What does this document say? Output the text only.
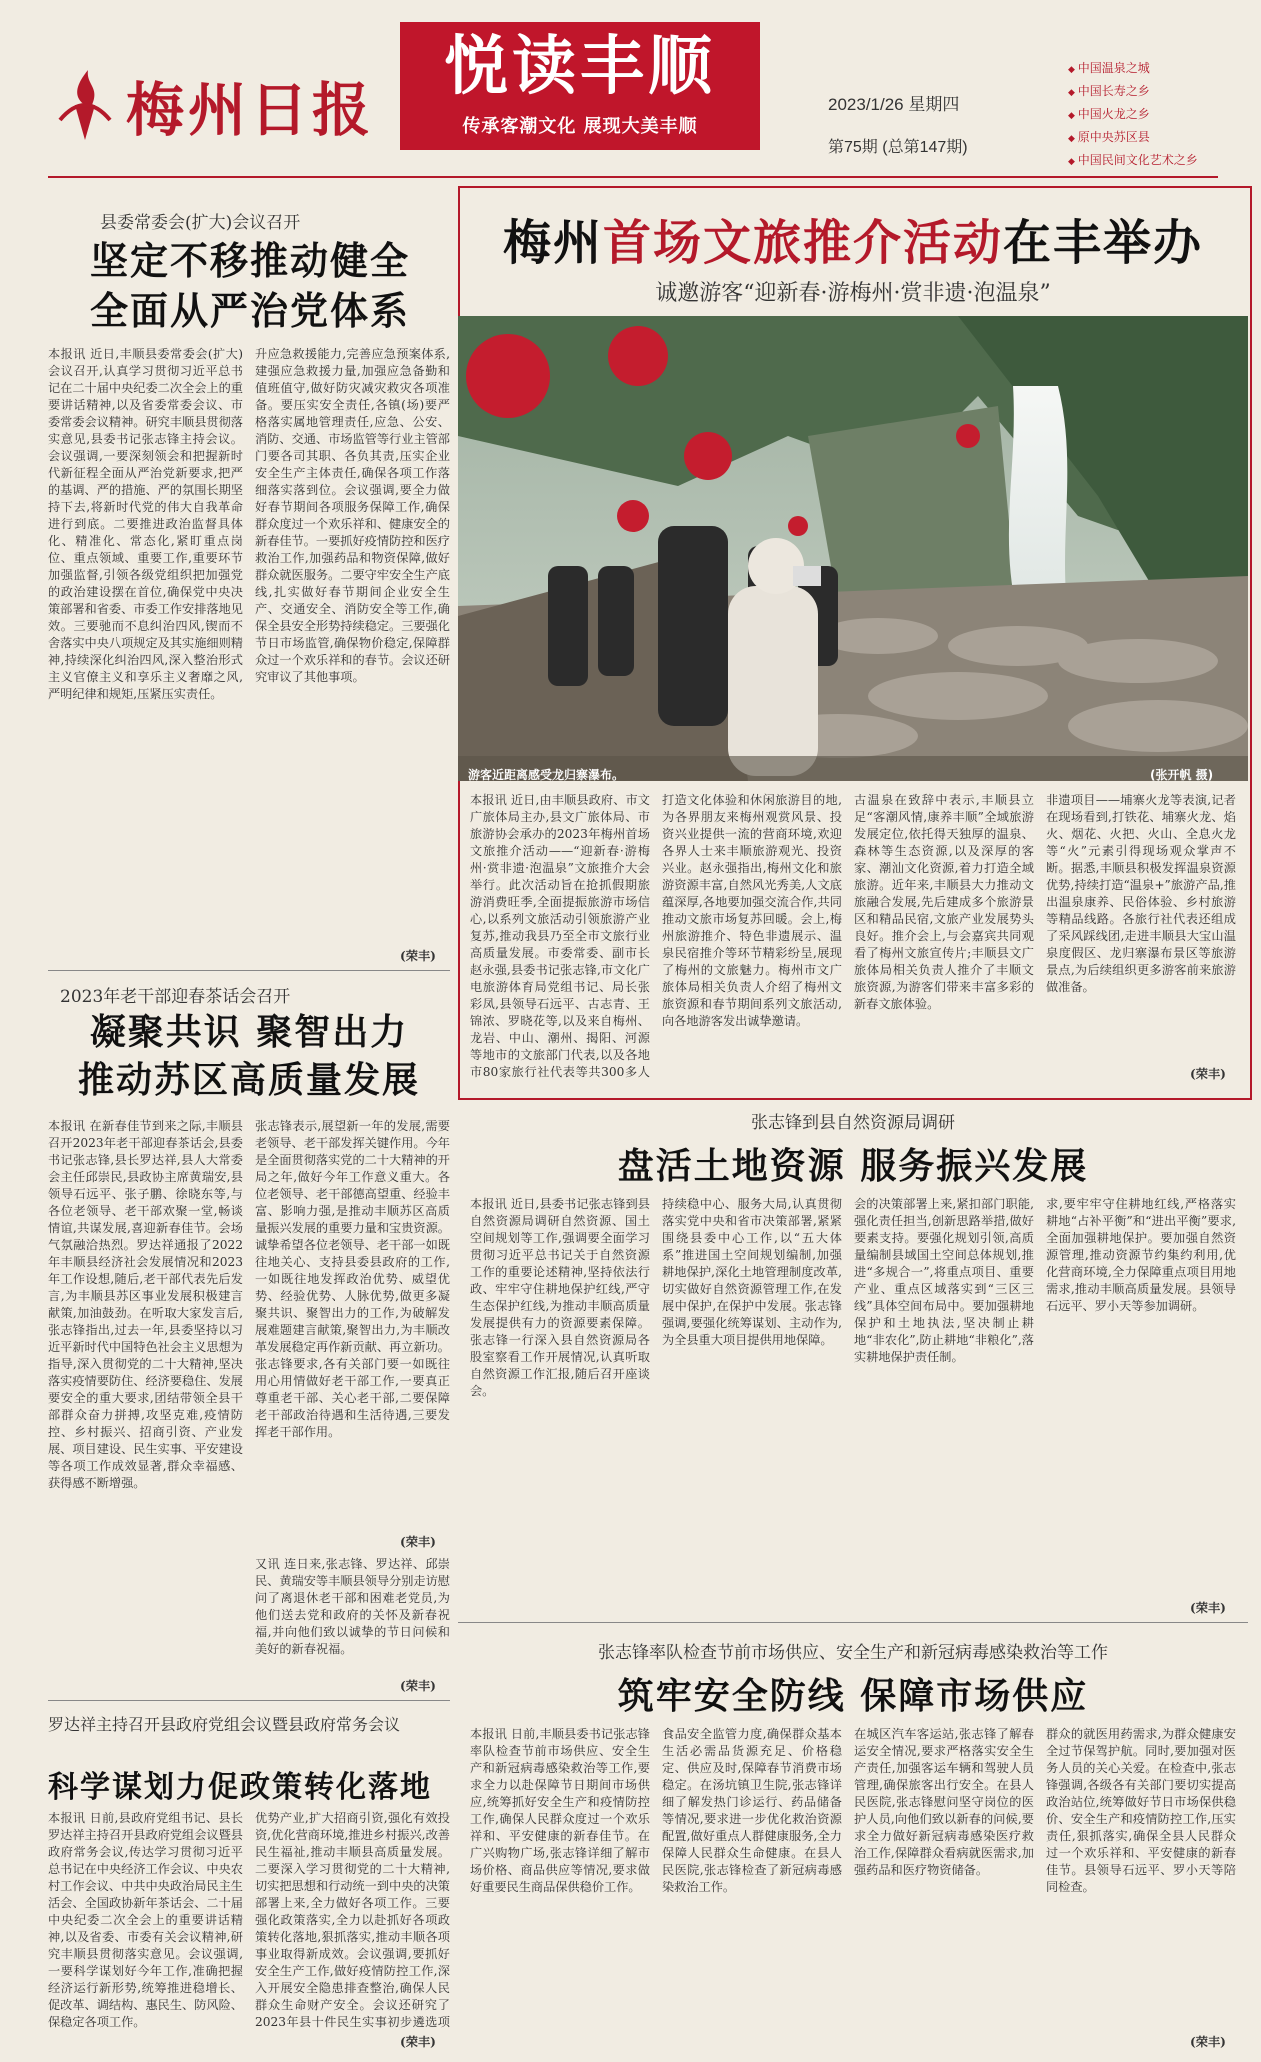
梅州日报
悦读丰顺
传承客潮文化 展现大美丰顺
2023/1/26 星期四
第75期 (总第147期)
◆ 中国温泉之城
◆ 中国长寿之乡
◆ 中国火龙之乡
◆ 原中央苏区县
◆ 中国民间文化艺术之乡
县委常委会(扩大)会议召开
坚定不移推动健全
全面从严治党体系
本报讯 近日,丰顺县委常委会(扩大)会议召开,认真学习贯彻习近平总书记在二十届中央纪委二次全会上的重要讲话精神,以及省委常委会议、市委常委会议精神。研究丰顺县贯彻落实意见,县委书记张志锋主持会议。会议强调,一要深刻领会和把握新时代新征程全面从严治党新要求,把严的基调、严的措施、严的氛围长期坚持下去,将新时代党的伟大自我革命进行到底。二要推进政治监督具体化、精准化、常态化,紧盯重点岗位、重点领域、重要工作,重要环节加强监督,引领各级党组织把加强党的政治建设摆在首位,确保党中央决策部署和省委、市委工作安排落地见效。三要驰而不息纠治四风,锲而不舍落实中央八项规定及其实施细则精神,持续深化纠治四风,深入整治形式主义官僚主义和享乐主义奢靡之风,严明纪律和规矩,压紧压实责任。
升应急救援能力,完善应急预案体系,建强应急救援力量,加强应急备勤和值班值守,做好防灾减灾救灾各项准备。要压实安全责任,各镇(场)要严格落实属地管理责任,应急、公安、消防、交通、市场监管等行业主管部门要各司其职、各负其责,压实企业安全生产主体责任,确保各项工作落细落实落到位。会议强调,要全力做好春节期间各项服务保障工作,确保群众度过一个欢乐祥和、健康安全的新春佳节。一要抓好疫情防控和医疗救治工作,加强药品和物资保障,做好群众就医服务。二要守牢安全生产底线,扎实做好春节期间企业安全生产、交通安全、消防安全等工作,确保全县安全形势持续稳定。三要强化节日市场监管,确保物价稳定,保障群众过一个欢乐祥和的春节。会议还研究审议了其他事项。
(荣丰)
2023年老干部迎春茶话会召开
凝聚共识 聚智出力
推动苏区高质量发展
本报讯 在新春佳节到来之际,丰顺县召开2023年老干部迎春茶话会,县委书记张志锋,县长罗达祥,县人大常委会主任邱崇民,县政协主席黄瑞安,县领导石远平、张子鹏、徐晓东等,与各位老领导、老干部欢聚一堂,畅谈情谊,共谋发展,喜迎新春佳节。会场气氛融洽热烈。罗达祥通报了2022年丰顺县经济社会发展情况和2023年工作设想,随后,老干部代表先后发言,为丰顺县苏区事业发展积极建言献策,加油鼓劲。在听取大家发言后,张志锋指出,过去一年,县委坚持以习近平新时代中国特色社会主义思想为指导,深入贯彻党的二十大精神,坚决落实疫情要防住、经济要稳住、发展要安全的重大要求,团结带领全县干部群众奋力拼搏,攻坚克难,疫情防控、乡村振兴、招商引资、产业发展、项目建设、民生实事、平安建设等各项工作成效显著,群众幸福感、获得感不断增强。
张志锋表示,展望新一年的发展,需要老领导、老干部发挥关键作用。今年是全面贯彻落实党的二十大精神的开局之年,做好今年工作意义重大。各位老领导、老干部德高望重、经验丰富、影响力强,是推动丰顺苏区高质量振兴发展的重要力量和宝贵资源。诚挚希望各位老领导、老干部一如既往地关心、支持县委县政府的工作,一如既往地发挥政治优势、威望优势、经验优势、人脉优势,做更多凝聚共识、聚智出力的工作,为破解发展难题建言献策,聚智出力,为丰顺改革发展稳定再作新贡献、再立新功。张志锋要求,各有关部门要一如既往用心用情做好老干部工作,一要真正尊重老干部、关心老干部,二要保障老干部政治待遇和生活待遇,三要发挥老干部作用。
(荣丰)
又讯 连日来,张志锋、罗达祥、邱崇民、黄瑞安等丰顺县领导分别走访慰问了离退休老干部和困难老党员,为他们送去党和政府的关怀及新春祝福,并向他们致以诚挚的节日问候和美好的新春祝福。
(荣丰)
罗达祥主持召开县政府党组会议暨县政府常务会议
科学谋划力促政策转化落地
本报讯 日前,县政府党组书记、县长罗达祥主持召开县政府党组会议暨县政府常务会议,传达学习贯彻习近平总书记在中央经济工作会议、中央农村工作会议、中共中央政治局民主生活会、全国政协新年茶话会、二十届中央纪委二次全会上的重要讲话精神,以及省委、市委有关会议精神,研究丰顺县贯彻落实意见。会议强调,一要科学谋划好今年工作,准确把握经济运行新形势,统筹推进稳增长、促改革、调结构、惠民生、防风险、保稳定各项工作。
优势产业,扩大招商引资,强化有效投资,优化营商环境,推进乡村振兴,改善民生福祉,推动丰顺县高质量发展。二要深入学习贯彻党的二十大精神,切实把思想和行动统一到中央的决策部署上来,全力做好各项工作。三要强化政策落实,全力以赴抓好各项政策转化落地,狠抓落实,推动丰顺各项事业取得新成效。会议强调,要抓好安全生产工作,做好疫情防控工作,深入开展安全隐患排查整治,确保人民群众生命财产安全。会议还研究了2023年县十件民生实事初步遴选项
(荣丰)
梅州首场文旅推介活动在丰举办
诚邀游客“迎新春·游梅州·赏非遗·泡温泉”
游客近距离感受龙归寨瀑布。	(张开帆 摄)
本报讯 近日,由丰顺县政府、市文广旅体局主办,县文广旅体局、市旅游协会承办的2023年梅州首场文旅推介活动——“迎新春·游梅州·赏非遗·泡温泉”文旅推介大会举行。此次活动旨在抢抓假期旅游消费旺季,全面提振旅游市场信心,以系列文旅活动引领旅游产业复苏,推动我县乃至全市文旅行业高质量发展。市委常委、副市长赵永强,县委书记张志锋,市文化广电旅游体育局党组书记、局长张彩凤,县领导石远平、古志青、王锦浓、罗晓花等,以及来自梅州、龙岩、中山、潮州、揭阳、河源等地市的文旅部门代表,以及各地市80家旅行社代表等共300多人
打造文化体验和休闲旅游目的地,为各界朋友来梅州观赏风景、投资兴业提供一流的营商环境,欢迎各界人士来丰顺旅游观光、投资兴业。赵永强指出,梅州文化和旅游资源丰富,自然风光秀美,人文底蕴深厚,各地要加强交流合作,共同推动文旅市场复苏回暖。会上,梅州旅游推介、特色非遗展示、温泉民宿推介等环节精彩纷呈,展现了梅州的文旅魅力。梅州市文广旅体局相关负责人介绍了梅州文旅资源和春节期间系列文旅活动,向各地游客发出诚挚邀请。
古温泉在致辞中表示,丰顺县立足“客潮风情,康养丰顺”全域旅游发展定位,依托得天独厚的温泉、森林等生态资源,以及深厚的客家、潮汕文化资源,着力打造全域旅游。近年来,丰顺县大力推动文旅融合发展,先后建成多个旅游景区和精品民宿,文旅产业发展势头良好。推介会上,与会嘉宾共同观看了梅州文旅宣传片;丰顺县文广旅体局相关负责人推介了丰顺文旅资源,为游客们带来丰富多彩的新春文旅体验。
非遗项目——埔寨火龙等表演,记者在现场看到,打铁花、埔寨火龙、焰火、烟花、火把、火山、全息火龙等“火”元素引得现场观众掌声不断。据悉,丰顺县积极发挥温泉资源优势,持续打造“温泉+”旅游产品,推出温泉康养、民俗体验、乡村旅游等精品线路。各旅行社代表还组成了采风踩线团,走进丰顺县大宝山温泉度假区、龙归寨瀑布景区等旅游景点,为后续组织更多游客前来旅游做准备。
(荣丰)
张志锋到县自然资源局调研
盘活土地资源 服务振兴发展
本报讯 近日,县委书记张志锋到县自然资源局调研自然资源、国土空间规划等工作,强调要全面学习贯彻习近平总书记关于自然资源工作的重要论述精神,坚持依法行政、牢牢守住耕地保护红线,严守生态保护红线,为推动丰顺高质量发展提供有力的资源要素保障。张志锋一行深入县自然资源局各股室察看工作开展情况,认真听取自然资源工作汇报,随后召开座谈会。
持续稳中心、服务大局,认真贯彻落实党中央和省市决策部署,紧紧围绕县委中心工作,以“五大体系”推进国土空间规划编制,加强耕地保护,深化土地管理制度改革,切实做好自然资源管理工作,在发展中保护,在保护中发展。张志锋强调,要强化统筹谋划、主动作为,为全县重大项目提供用地保障。
会的决策部署上来,紧扣部门职能,强化责任担当,创新思路举措,做好要素支持。要强化规划引领,高质量编制县域国土空间总体规划,推进“多规合一”,将重点项目、重要产业、重点区域落实到“三区三线”具体空间布局中。要加强耕地保护和土地执法,坚决制止耕地“非农化”,防止耕地“非粮化”,落实耕地保护责任制。
求,要牢牢守住耕地红线,严格落实耕地“占补平衡”和“进出平衡”要求,全面加强耕地保护。要加强自然资源管理,推动资源节约集约利用,优化营商环境,全力保障重点项目用地需求,推动丰顺高质量发展。县领导石远平、罗小天等参加调研。
(荣丰)
张志锋率队检查节前市场供应、安全生产和新冠病毒感染救治等工作
筑牢安全防线 保障市场供应
本报讯 日前,丰顺县委书记张志锋率队检查节前市场供应、安全生产和新冠病毒感染救治等工作,要求全力以赴保障节日期间市场供应,统筹抓好安全生产和疫情防控工作,确保人民群众度过一个欢乐祥和、平安健康的新春佳节。在广兴购物广场,张志锋详细了解市场价格、商品供应等情况,要求做好重要民生商品保供稳价工作。
食品安全监管力度,确保群众基本生活必需品货源充足、价格稳定、供应及时,保障春节消费市场稳定。在汤坑镇卫生院,张志锋详细了解发热门诊运行、药品储备等情况,要求进一步优化救治资源配置,做好重点人群健康服务,全力保障人民群众生命健康。在县人民医院,张志锋检查了新冠病毒感染救治工作。
在城区汽车客运站,张志锋了解春运安全情况,要求严格落实安全生产责任,加强客运车辆和驾驶人员管理,确保旅客出行安全。在县人民医院,张志锋慰问坚守岗位的医护人员,向他们致以新春的问候,要求全力做好新冠病毒感染医疗救治工作,保障群众看病就医需求,加强药品和医疗物资储备。
群众的就医用药需求,为群众健康安全过节保驾护航。同时,要加强对医务人员的关心关爱。在检查中,张志锋强调,各级各有关部门要切实提高政治站位,统筹做好节日市场保供稳价、安全生产和疫情防控工作,压实责任,狠抓落实,确保全县人民群众过一个欢乐祥和、平安健康的新春佳节。县领导石远平、罗小天等陪同检查。
(荣丰)
